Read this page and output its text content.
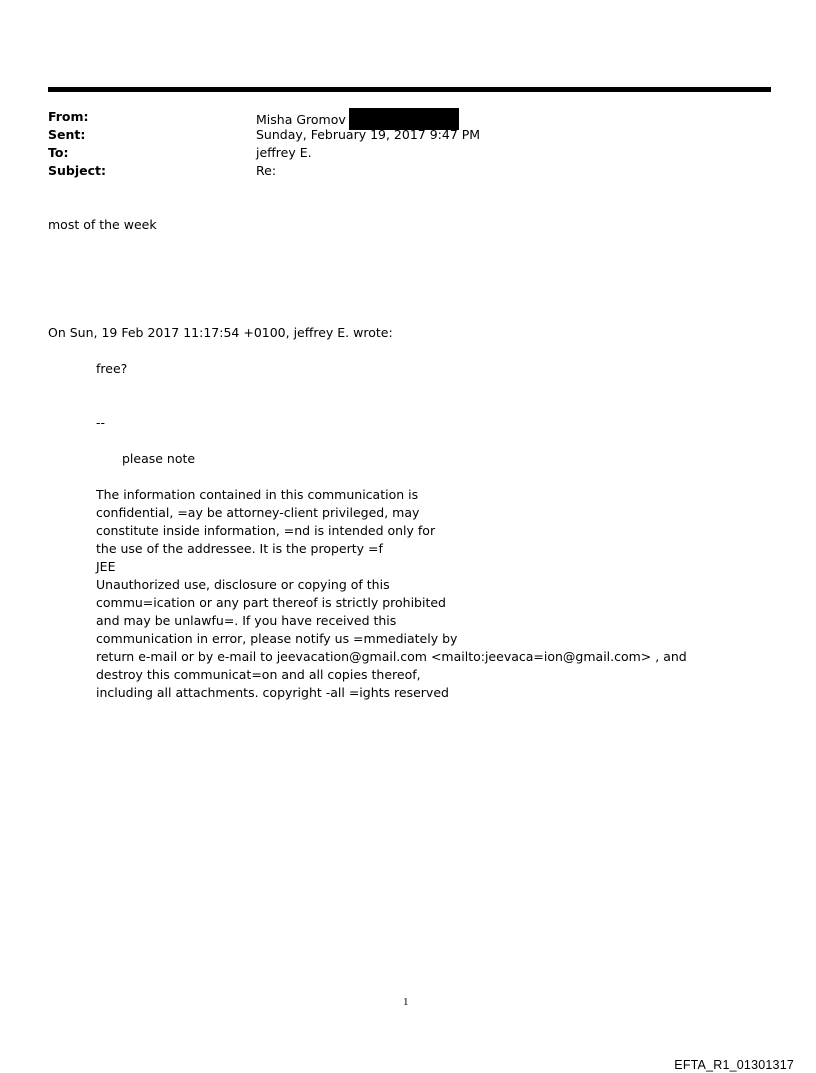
From:	Misha Gromov
Sent:	Sunday, February 19, 2017 9:47 PM
To:	jeffrey E.
Subject:	Re:
most of the week
On Sun, 19 Feb 2017 11:17:54 +0100, jeffrey E. wrote:
free?
--
please note
The information contained in this communication is
confidential, =ay be attorney-client privileged, may
constitute inside information, =nd is intended only for
the use of the addressee. It is the property =f
JEE
Unauthorized use, disclosure or copying of this
commu=ication or any part thereof is strictly prohibited
and may be unlawfu=. If you have received this
communication in error, please notify us =mmediately by
return e-mail or by e-mail to jeevacation@gmail.com <mailto:jeevaca=ion@gmail.com> , and
destroy this communicat=on and all copies thereof,
including all attachments. copyright -all =ights reserved
1
EFTA_R1_01301317
